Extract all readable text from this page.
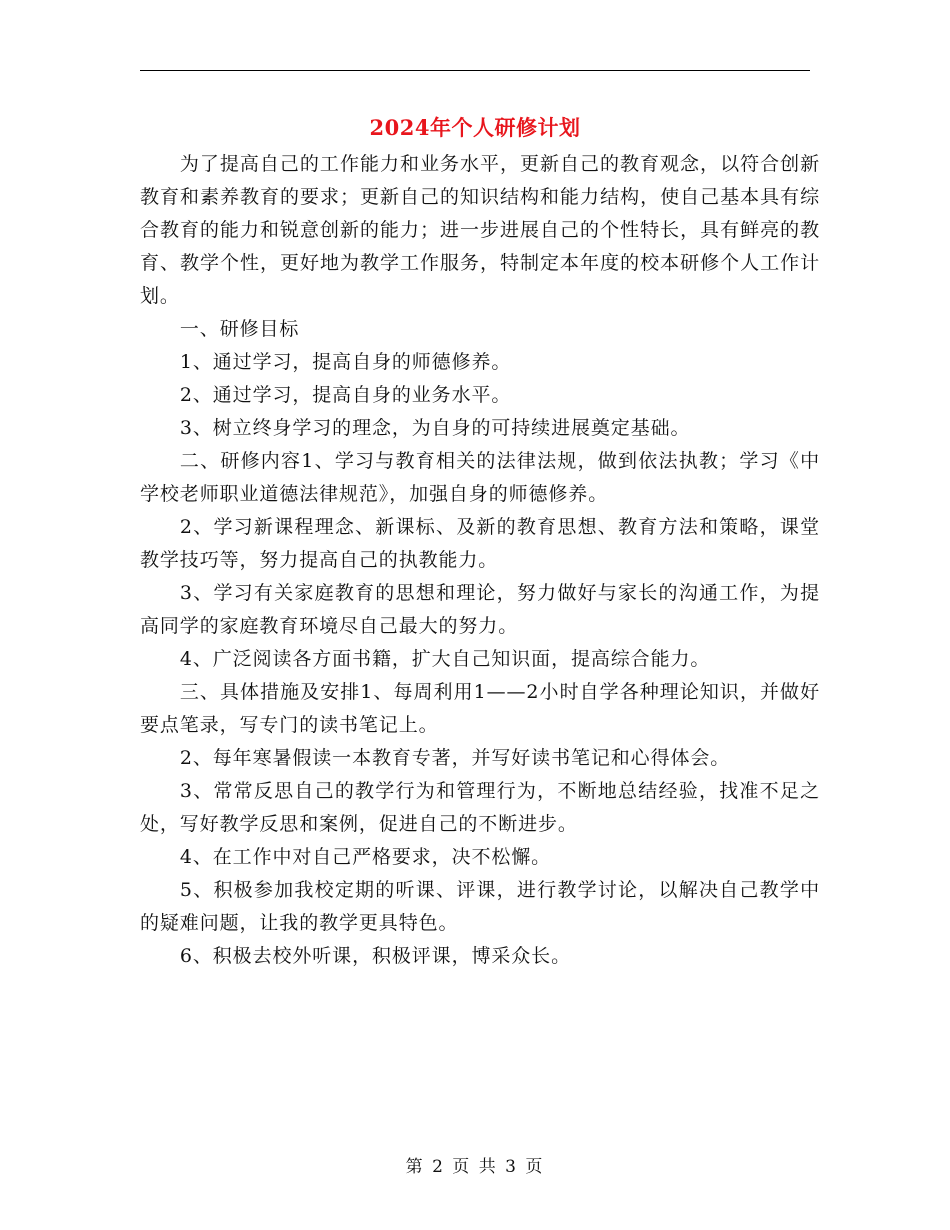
2024年个人研修计划

为了提高自己的工作能力和业务水平，更新自己的教育观念，以符合创新教育和素养教育的要求；更新自己的知识结构和能力结构，使自己基本具有综合教育的能力和锐意创新的能力；进一步进展自己的个性特长，具有鲜亮的教育、教学个性，更好地为教学工作服务，特制定本年度的校本研修个人工作计划。

一、研修目标

1、通过学习，提高自身的师德修养。

2、通过学习，提高自身的业务水平。

3、树立终身学习的理念，为自身的可持续进展奠定基础。

二、研修内容1、学习与教育相关的法律法规，做到依法执教；学习《中学校老师职业道德法律规范》，加强自身的师德修养。

2、学习新课程理念、新课标、及新的教育思想、教育方法和策略，课堂教学技巧等，努力提高自己的执教能力。

3、学习有关家庭教育的思想和理论，努力做好与家长的沟通工作，为提高同学的家庭教育环境尽自己最大的努力。

4、广泛阅读各方面书籍，扩大自己知识面，提高综合能力。

三、具体措施及安排1、每周利用1——2小时自学各种理论知识，并做好要点笔录，写专门的读书笔记上。

2、每年寒暑假读一本教育专著，并写好读书笔记和心得体会。

3、常常反思自己的教学行为和管理行为，不断地总结经验，找准不足之处，写好教学反思和案例，促进自己的不断进步。

4、在工作中对自己严格要求，决不松懈。

5、积极参加我校定期的听课、评课，进行教学讨论，以解决自己教学中的疑难问题，让我的教学更具特色。

6、积极去校外听课，积极评课，博采众长。

第 2 页 共 3 页
